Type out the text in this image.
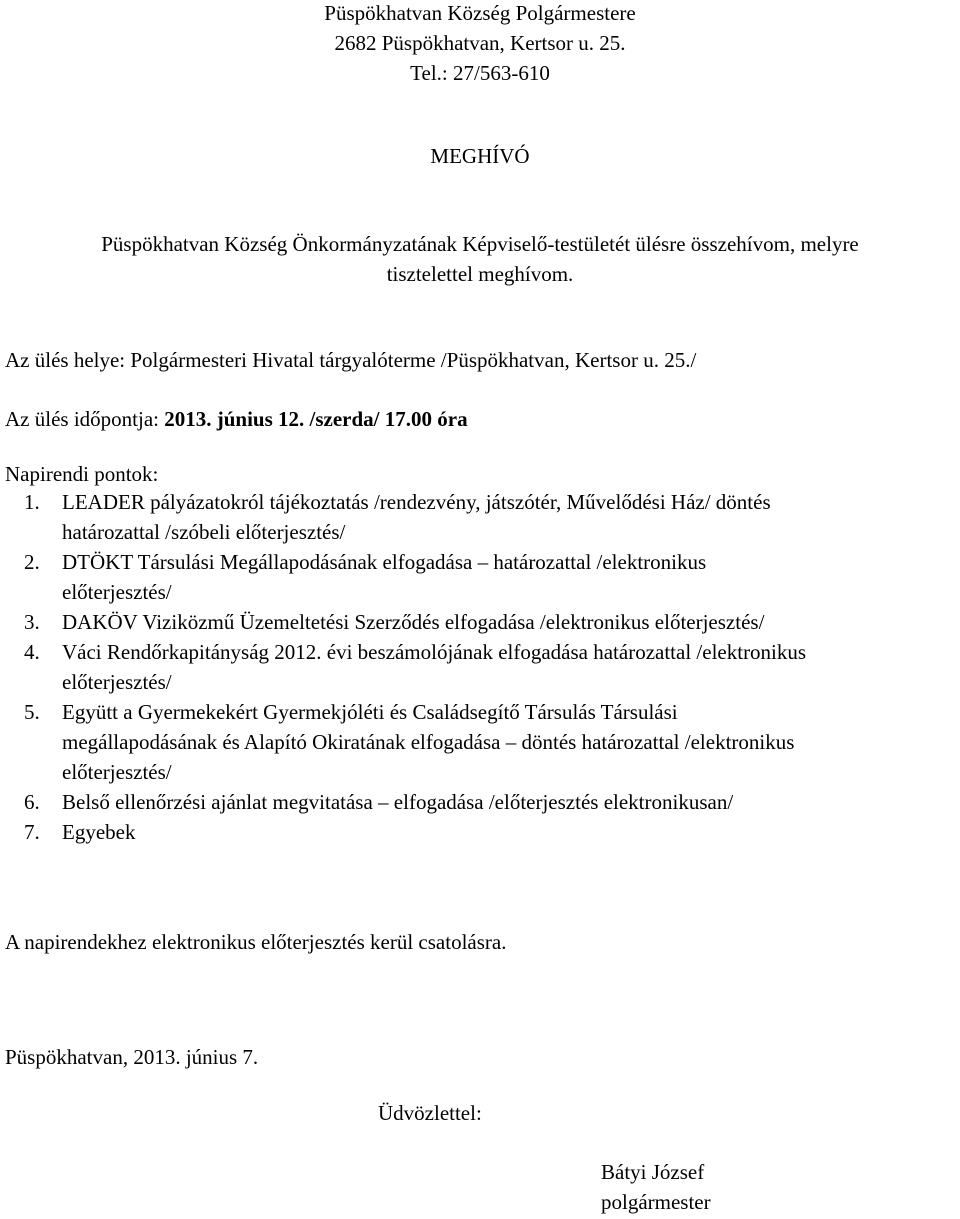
Püspökhatvan Község Polgármestere
2682 Püspökhatvan, Kertsor u. 25.
Tel.: 27/563-610
MEGHÍVÓ
Püspökhatvan Község Önkormányzatának Képviselő-testületét ülésre összehívom, melyre
tisztelettel meghívom.
Az ülés helye: Polgármesteri Hivatal tárgyalóterme /Püspökhatvan, Kertsor u. 25./
Az ülés időpontja: 2013. június 12. /szerda/ 17.00 óra
Napirendi pontok:
1. LEADER pályázatokról tájékoztatás /rendezvény, játszótér, Művelődési Ház/ döntés
határozattal /szóbeli előterjesztés/
2. DTÖKT Társulási Megállapodásának elfogadása – határozattal /elektronikus
előterjesztés/
3. DAKÖV Viziközmű Üzemeltetési Szerződés elfogadása /elektronikus előterjesztés/
4. Váci Rendőrkapitányság 2012. évi beszámolójának elfogadása határozattal /elektronikus
előterjesztés/
5. Együtt a Gyermekekért Gyermekjóléti és Családsegítő Társulás Társulási
megállapodásának és Alapító Okiratának elfogadása – döntés határozattal /elektronikus
előterjesztés/
6. Belső ellenőrzési ajánlat megvitatása – elfogadása /előterjesztés elektronikusan/
7. Egyebek
A napirendekhez elektronikus előterjesztés kerül csatolásra.
Püspökhatvan, 2013. június 7.
Üdvözlettel:
Bátyi József
polgármester
